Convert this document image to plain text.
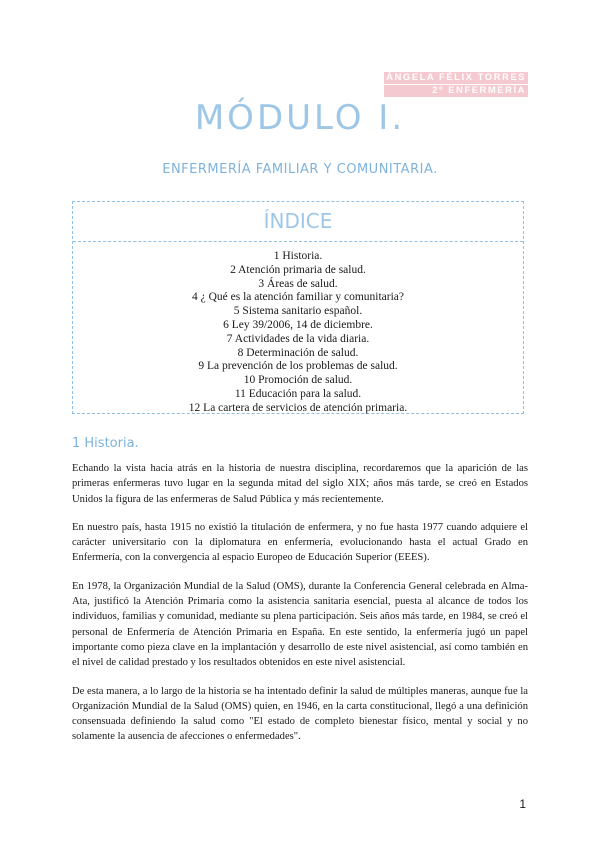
ÁNGELA FÉLIX TORRES
2º ENFERMERÍA
MÓDULO I.
ENFERMERÍA FAMILIAR Y COMUNITARIA.
ÍNDICE
1 Historia.
2 Atención primaria de salud.
3 Áreas de salud.
4 ¿ Qué es la atención familiar y comunitaria?
5 Sistema sanitario español.
6 Ley 39/2006, 14 de diciembre.
7 Actividades de la vida diaria.
8 Determinación de salud.
9 La prevención de los problemas de salud.
10 Promoción de salud.
11 Educación para la salud.
12 La cartera de servicios de atención primaria.
1 Historia.

Echando la vista hacia atrás en la historia de nuestra disciplina, recordaremos que la aparición de las primeras enfermeras tuvo lugar en la segunda mitad del siglo XIX; años más tarde, se creó en Estados Unidos la figura de las enfermeras de Salud Pública y más recientemente.

En nuestro país, hasta 1915 no existió la titulación de enfermera, y no fue hasta 1977 cuando adquiere el carácter universitario con la diplomatura en enfermería, evolucionando hasta el actual Grado en Enfermería, con la convergencia al espacio Europeo de Educación Superior (EEES).

En 1978, la Organización Mundial de la Salud (OMS), durante la Conferencia General celebrada en Alma- Ata, justificó la Atención Primaria como la asistencia sanitaria esencial, puesta al alcance de todos los individuos, familias y comunidad, mediante su plena participación. Seis años más tarde, en 1984, se creó el personal de Enfermería de Atención Primaria en España. En este sentido, la enfermería jugó un papel importante como pieza clave en la implantación y desarrollo de este nivel asistencial, así como también en el nivel de calidad prestado y los resultados obtenidos en este nivel asistencial.

De esta manera, a lo largo de la historia se ha intentado definir la salud de múltiples maneras, aunque fue la Organización Mundial de la Salud (OMS) quien, en 1946, en la carta constitucional, llegó a una definición consensuada definiendo la salud como "El estado de completo bienestar físico, mental y social y no solamente la ausencia de afecciones o enfermedades".

1
